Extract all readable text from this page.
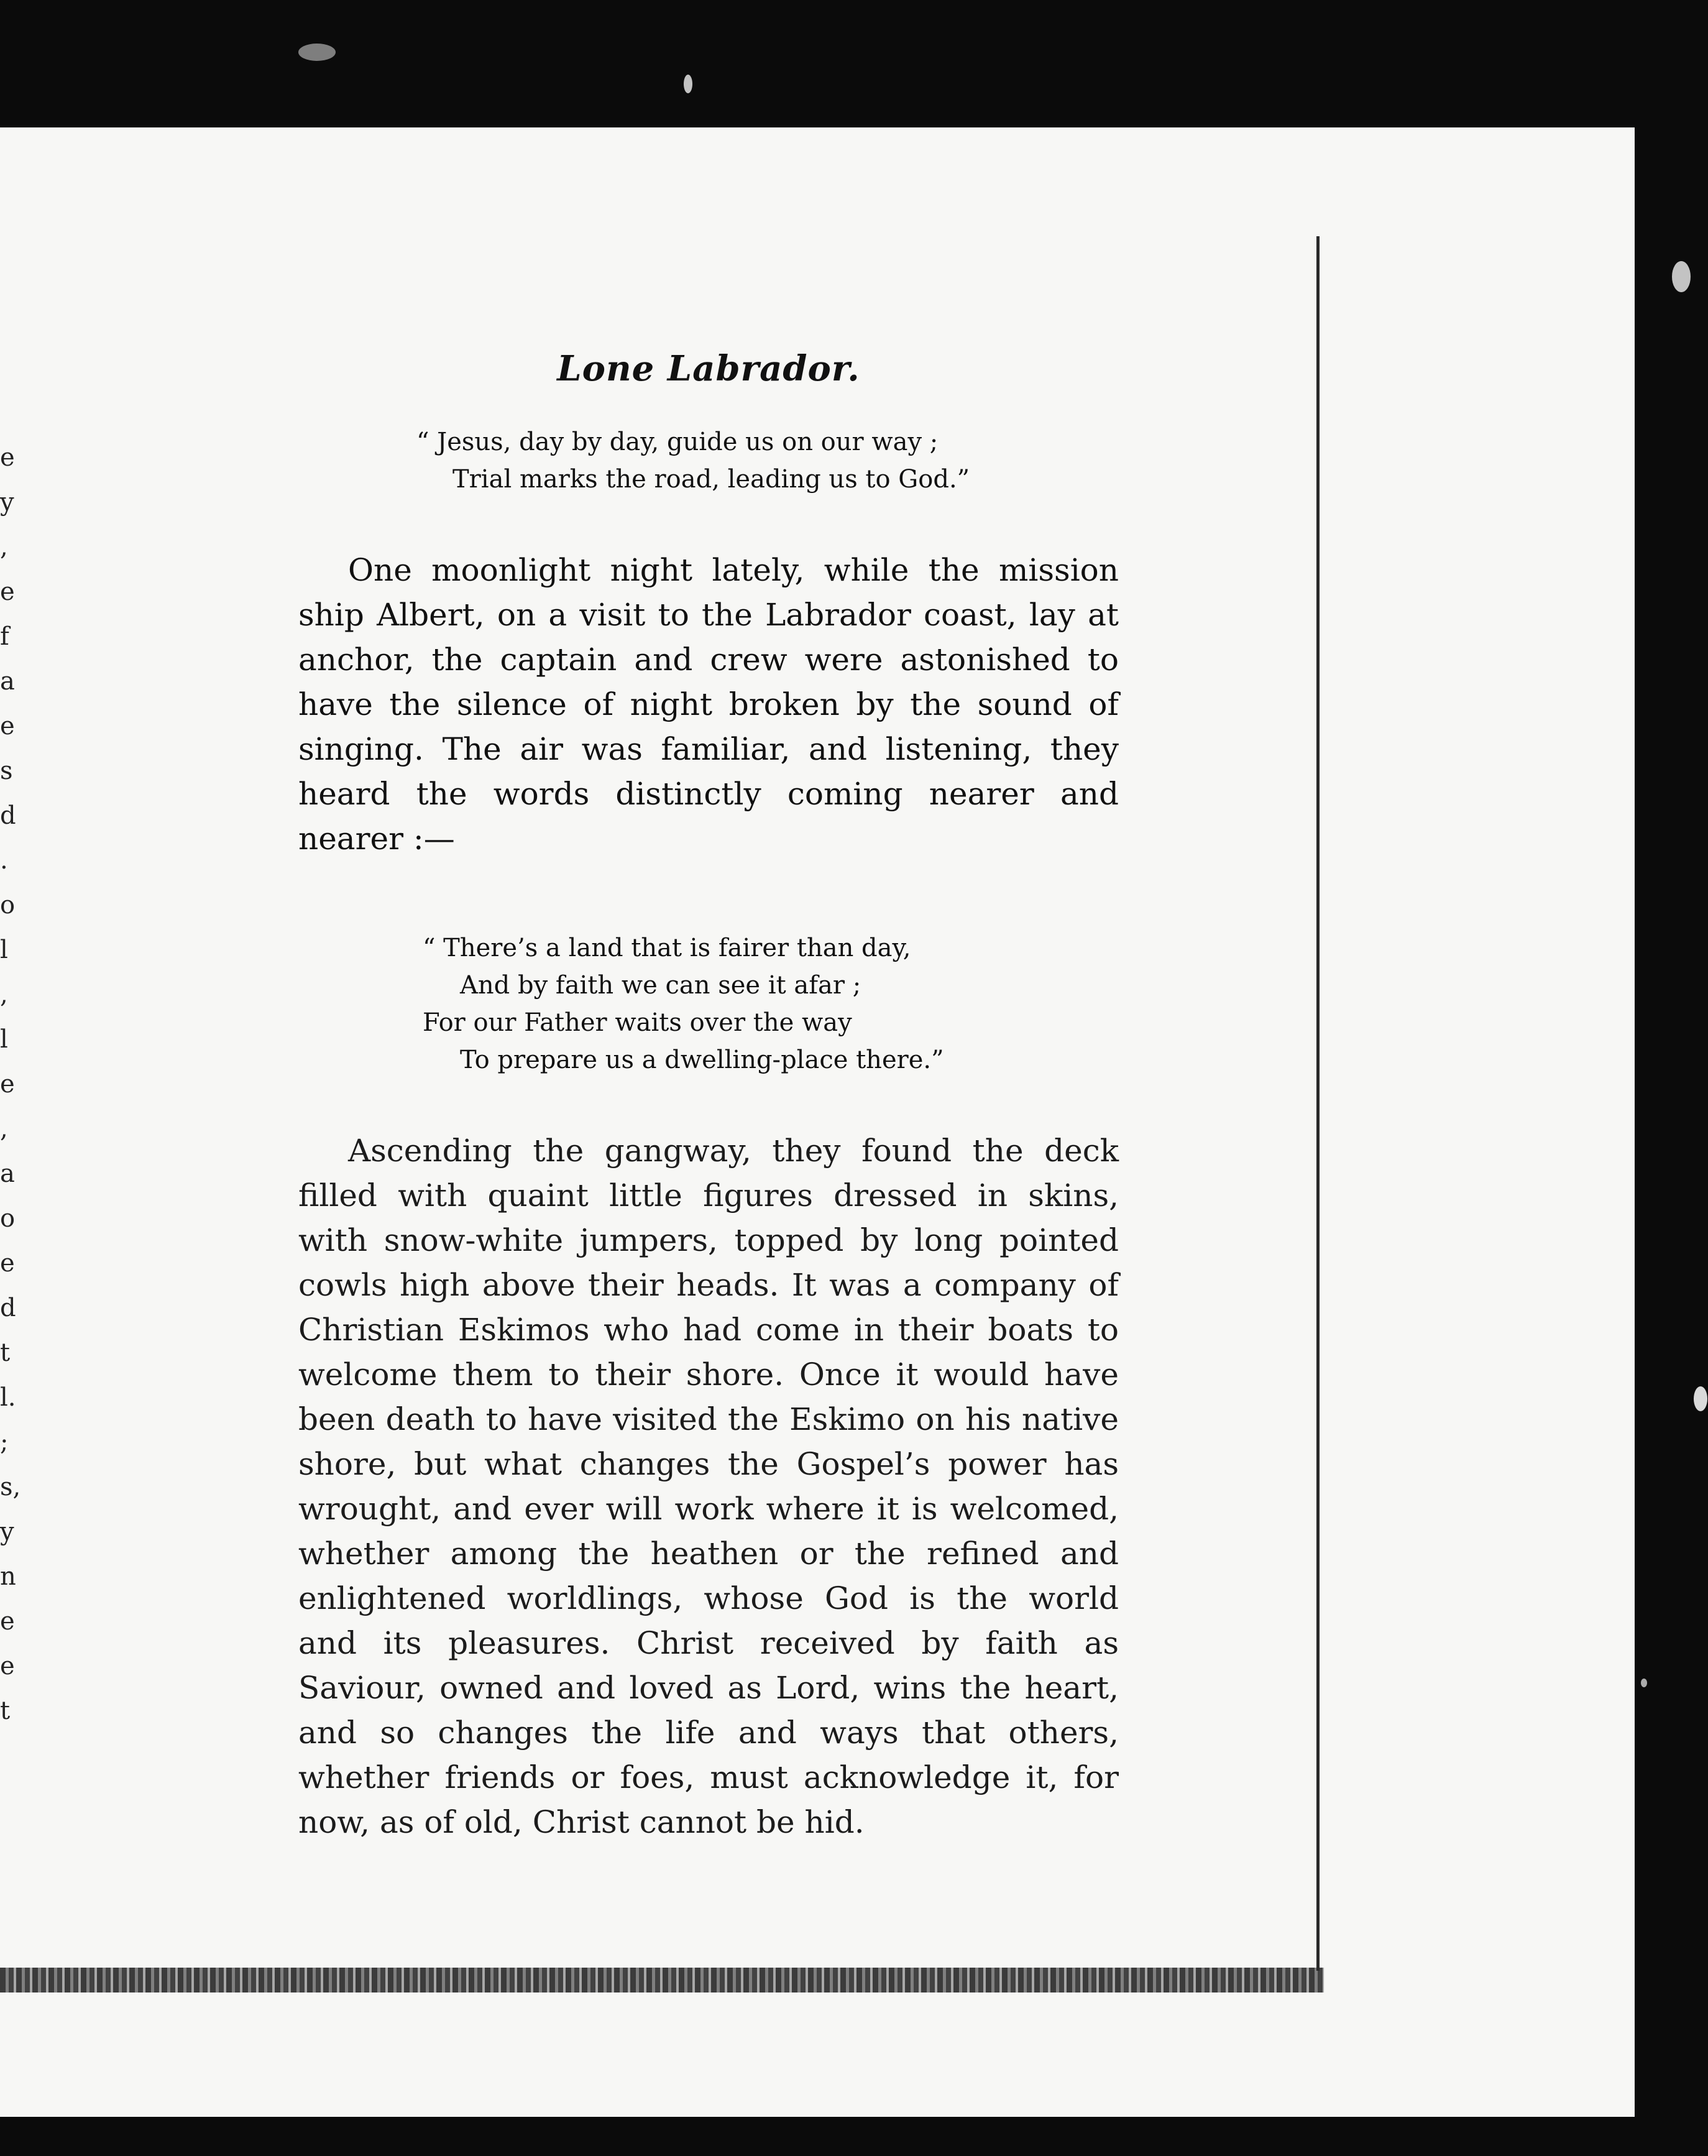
e
y
,
e
f
a
e
s
d
.
o
l
,
l
e
,
a
o
e
d
t
l.
;
s,
y
n
e
e
t
Lone Labrador.

“ Jesus, day by day, guide us on our way ;
Trial marks the road, leading us to God.”

One moonlight night lately, while the mission ship Albert, on a visit to the Labrador coast, lay at anchor, the captain and crew were astonished to have the silence of night broken by the sound of singing. The air was familiar, and listening, they heard the words distinctly coming nearer and nearer :—

“ There’s a land that is fairer than day,
And by faith we can see it afar ;
For our Father waits over the way
To prepare us a dwelling-place there.”

Ascending the gangway, they found the deck filled with quaint little figures dressed in skins, with snow-white jumpers, topped by long pointed cowls high above their heads. It was a company of Christian Eskimos who had come in their boats to welcome them to their shore. Once it would have been death to have visited the Eskimo on his native shore, but what changes the Gospel’s power has wrought, and ever will work where it is welcomed, whether among the heathen or the refined and enlightened worldlings, whose God is the world and its pleasures. Christ received by faith as Saviour, owned and loved as Lord, wins the heart, and so changes the life and ways that others, whether friends or foes, must acknowledge it, for now, as of old, Christ cannot be hid.
